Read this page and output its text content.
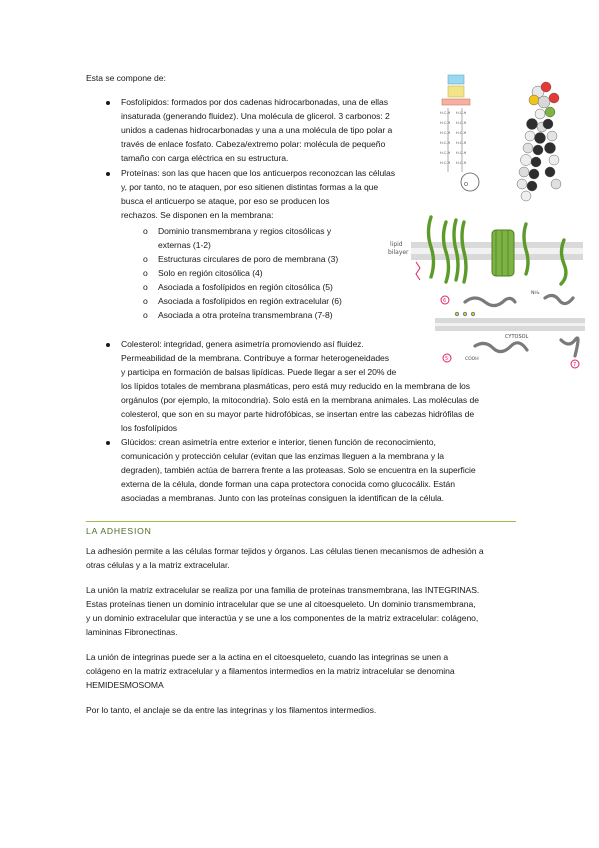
Esta se compone de:
Fosfolípidos: formados por dos cadenas hidrocarbonadas, una de ellas
insaturada (generando fluidez). Una molécula de glicerol. 3 carbonos: 2
unidos a cadenas hidrocarbonadas y una a una molécula de tipo polar a
través de enlace fosfato. Cabeza/extremo polar: molécula de pequeño
tamaño con carga eléctrica en su estructura.
Proteínas: son las que hacen que los anticuerpos reconozcan las células
y, por tanto, no te ataquen, por eso sitienen distintas formas a la que
busca el anticuerpo se ataque, por eso se producen los
rechazos. Se disponen en la membrana:
o Dominio transmembrana y regios citosólicas y
externas (1-2)
o Estructuras circulares de poro de membrana (3)
o Solo en región citosólica (4)
o Asociada a fosfolípidos en región citosólica (5)
o Asociada a fosfolípidos en región extracelular (6)
o Asociada a otra proteína transmembrana (7-8)
Colesterol: integridad, genera asimetría promoviendo así fluidez.
Permeabilidad de la membrana. Contribuye a formar heterogeneidades
y participa en formación de balsas lipídicas. Puede llegar a ser el 20% de
los lípidos totales de membrana plasmáticas, pero está muy reducido en la membrana de los
orgánulos (por ejemplo, la mitocondria). Solo está en la membrana animales. Las moléculas de
colesterol, que son en su mayor parte hidrofóbicas, se insertan entre las cabezas hidrófilas de
los fosfolípidos
Glúcidos: crean asimetría entre exterior e interior, tienen función de reconocimiento,
comunicación y protección celular (evitan que las enzimas lleguen a la membrana y la
degraden), también actúa de barrera frente a las proteasas. Solo se encuentra en la superficie
externa de la célula, donde forman una capa protectora conocida como glucocálix. Están
asociadas a membranas. Junto con las proteínas consiguen la identifican de la célula.
LA ADHESION
La adhesión permite a las células formar tejidos y órganos. Las células tienen mecanismos de adhesión a
otras células y a la matriz extracelular.
La unión la matriz extracelular se realiza por una familia de proteínas transmembrana, las INTEGRINAS.
Estas proteínas tienen un dominio intracelular que se une al citoesqueleto. Un dominio transmembrana,
y un dominio extracelular que interactúa y se une a los componentes de la matriz extracelular: colágeno,
lamininas Fibronectinas.
La unión de integrinas puede ser a la actina en el citoesqueleto, cuando las integrinas se unen a
colágeno en la matriz extracelular y a filamentos intermedios en la matriz intracelular se denomina
HEMIDESMOSOMA
Por lo tanto, el anclaje se da entre las integrinas y los filamentos intermedios.
H-C-H H-C-H
H-C-H H-C-H
H-C-H H-C-H
H-C-H H-C-H
H-C-H H-C-H
H-C-H H-C-H
O
lipid
bilayer
6
7
5
CYTOSOL
NH₂
COOH
